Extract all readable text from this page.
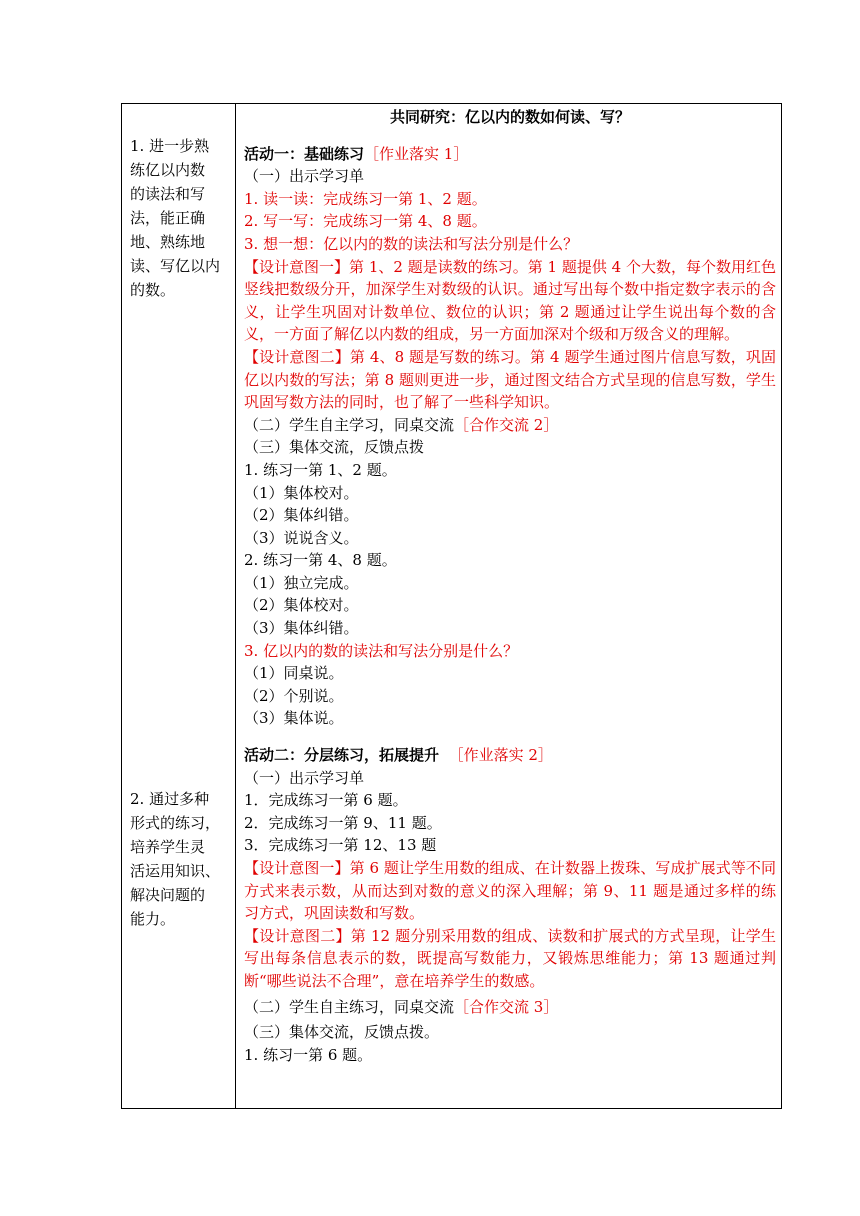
1. 进一步熟
练亿以内数
的读法和写
法，能正确
地、熟练地
读、写亿以内
的数。
2. 通过多种
形式的练习，
培养学生灵
活运用知识、
解决问题的
能力。
共同研究：亿以内的数如何读、写？
活动一：基础练习［作业落实 1］
（一）出示学习单
1. 读一读：完成练习一第 1、2 题。
2. 写一写：完成练习一第 4、8 题。
3. 想一想：亿以内的数的读法和写法分别是什么？
【设计意图一】第 1、2 题是读数的练习。第 1 题提供 4 个大数，每个数用红色竖线把数级分开，加深学生对数级的认识。通过写出每个数中指定数字表示的含义，让学生巩固对计数单位、数位的认识；第 2 题通过让学生说出每个数的含义，一方面了解亿以内数的组成，另一方面加深对个级和万级含义的理解。
【设计意图二】第 4、8 题是写数的练习。第 4 题学生通过图片信息写数，巩固亿以内数的写法；第 8 题则更进一步，通过图文结合方式呈现的信息写数，学生巩固写数方法的同时，也了解了一些科学知识。
（二）学生自主学习，同桌交流［合作交流 2］
（三）集体交流，反馈点拨
1. 练习一第 1、2 题。
（1）集体校对。
（2）集体纠错。
（3）说说含义。
2. 练习一第 4、8 题。
（1）独立完成。
（2）集体校对。
（3）集体纠错。
3. 亿以内的数的读法和写法分别是什么？
（1）同桌说。
（2）个别说。
（3）集体说。
活动二：分层练习，拓展提升 ［作业落实 2］
（一）出示学习单
1．完成练习一第 6 题。
2．完成练习一第 9、11 题。
3．完成练习一第 12、13 题
【设计意图一】第 6 题让学生用数的组成、在计数器上拨珠、写成扩展式等不同方式来表示数，从而达到对数的意义的深入理解；第 9、11 题是通过多样的练习方式，巩固读数和写数。
【设计意图二】第 12 题分别采用数的组成、读数和扩展式的方式呈现，让学生写出每条信息表示的数，既提高写数能力，又锻炼思维能力；第 13 题通过判断“哪些说法不合理”，意在培养学生的数感。
（二）学生自主练习，同桌交流［合作交流 3］
（三）集体交流，反馈点拨。
1. 练习一第 6 题。
